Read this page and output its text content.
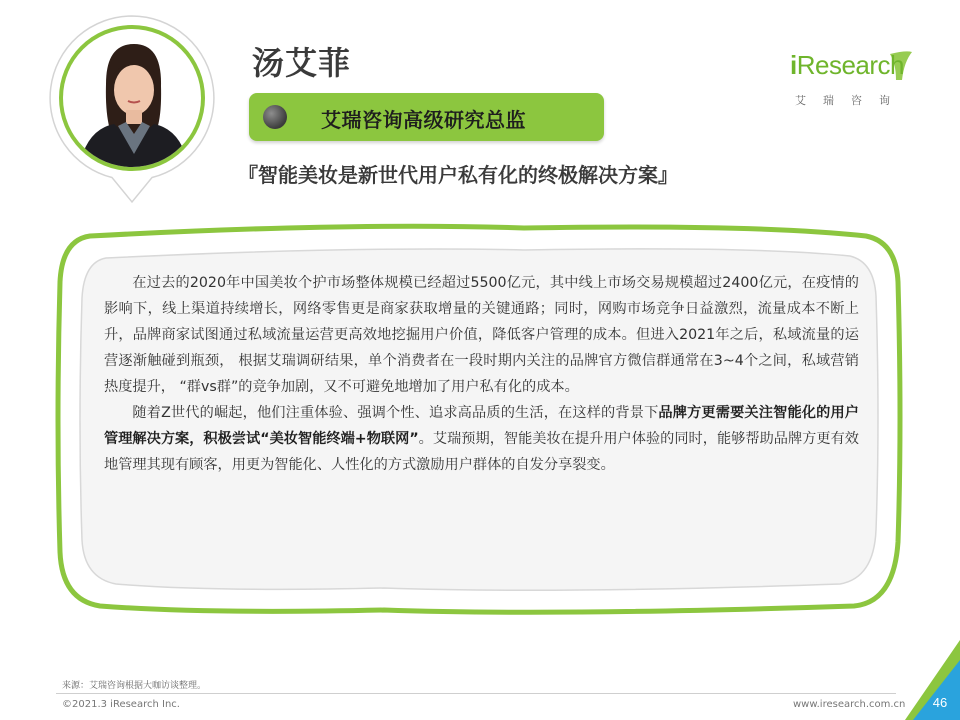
汤艾菲
艾瑞咨询高级研究总监
『智能美妆是新世代用户私有化的终极解决方案』
iResearch
艾瑞咨询

在过去的2020年中国美妆个护市场整体规模已经超过5500亿元，其中线上市场交易规模超过2400亿元，在疫情的影响下，线上渠道持续增长，网络零售更是商家获取增量的关键通路；同时，网购市场竞争日益激烈，流量成本不断上升，品牌商家试图通过私域流量运营更高效地挖掘用户价值，降低客户管理的成本。但进入2021年之后，私域流量的运营逐渐触碰到瓶颈， 根据艾瑞调研结果，单个消费者在一段时期内关注的品牌官方微信群通常在3~4个之间，私域营销热度提升， “群vs群”的竞争加剧，又不可避免地增加了用户私有化的成本。

随着Z世代的崛起，他们注重体验、强调个性、追求高品质的生活，在这样的背景下品牌方更需要关注智能化的用户管理解决方案，积极尝试“美妆智能终端+物联网”。艾瑞预期，智能美妆在提升用户体验的同时，能够帮助品牌方更有效地管理其现有顾客，用更为智能化、人性化的方式激励用户群体的自发分享裂变。

来源：艾瑞咨询根据大咖访谈整理。
©2021.3 iResearch Inc.	www.iresearch.com.cn	46
